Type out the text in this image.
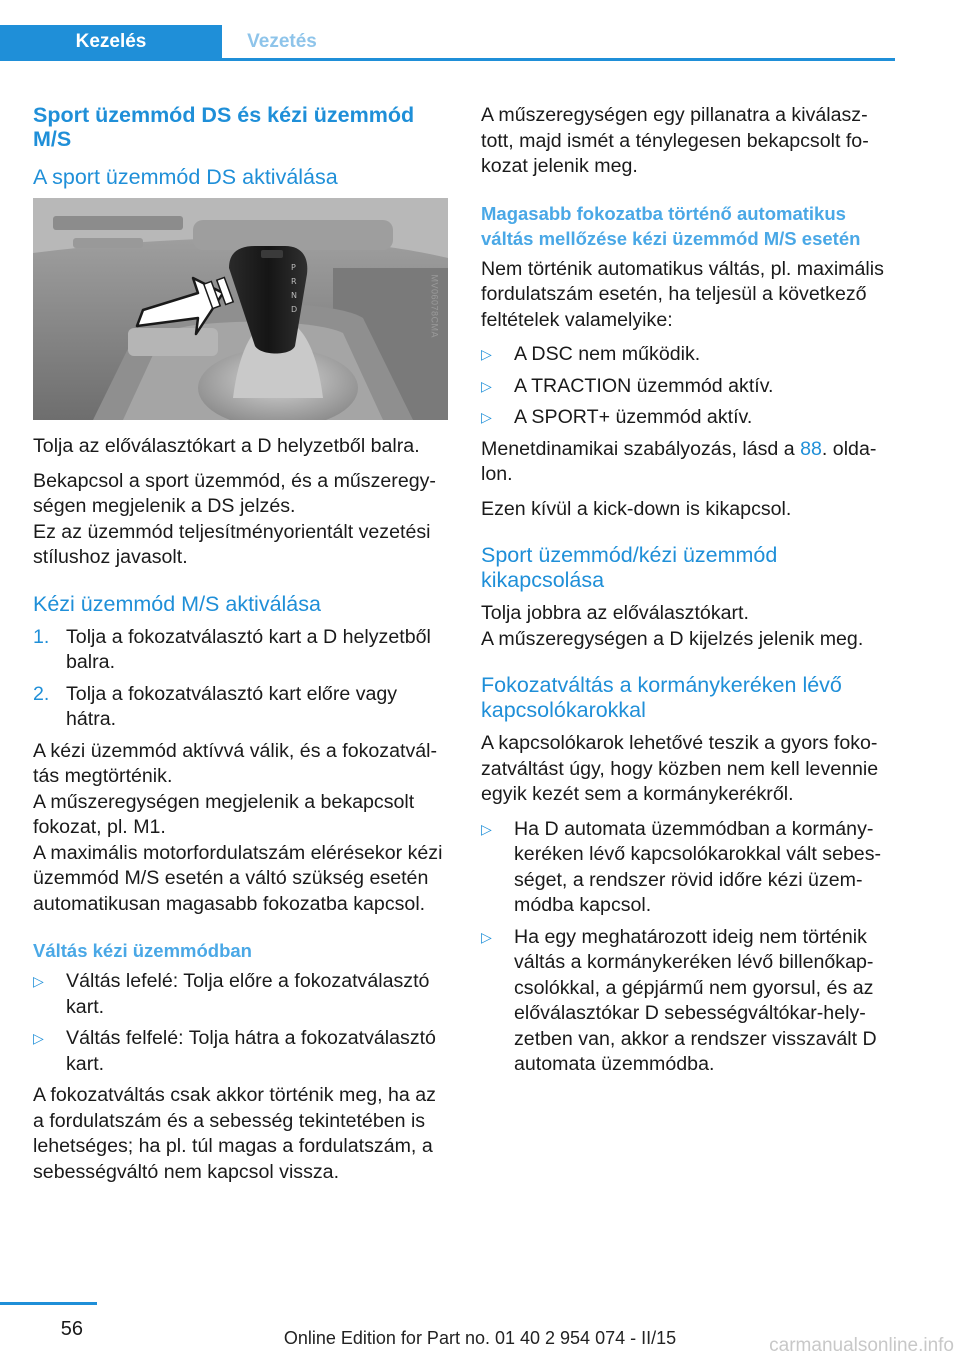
Kezelés	Vezetés
Sport üzemmód DS és kézi üzemmód M/S
A sport üzemmód DS aktiválása
P
R
N
D	MV06078CMA

Tolja az előválasztókart a D helyzetből balra.

Bekapcsol a sport üzemmód, és a műszeregységen megjelenik a DS jelzés.

Ez az üzemmód teljesítményorientált vezetési stílushoz javasolt.

Kézi üzemmód M/S aktiválása
1. Tolja a fokozatválasztó kart a D helyzetből balra.
2. Tolja a fokozatválasztó kart előre vagy hátra.

A kézi üzemmód aktívvá válik, és a fokozatváltás megtörténik.

A műszeregységen megjelenik a bekapcsolt fokozat, pl. M1.

A maximális motorfordulatszám elérésekor kézi üzemmód M/S esetén a váltó szükség esetén automatikusan magasabb fokozatba kapcsol.

Váltás kézi üzemmódban
▷ Váltás lefelé: Tolja előre a fokozatválasztó kart.
▷ Váltás felfelé: Tolja hátra a fokozatválasztó kart.

A fokozatváltás csak akkor történik meg, ha az a fordulatszám és a sebesség tekintetében is lehetséges; ha pl. túl magas a fordulatszám, a sebességváltó nem kapcsol vissza.

A műszeregységen egy pillanatra a kiválasztott, majd ismét a ténylegesen bekapcsolt fokozat jelenik meg.

Magasabb fokozatba történő automatikus váltás mellőzése kézi üzemmód M/S esetén

Nem történik automatikus váltás, pl. maximális fordulatszám esetén, ha teljesül a következő feltételek valamelyike:

▷ A DSC nem működik.
▷ A TRACTION üzemmód aktív.
▷ A SPORT+ üzemmód aktív.

Menetdinamikai szabályozás, lásd a 88. oldalon.

Ezen kívül a kick-down is kikapcsol.

Sport üzemmód/kézi üzemmód kikapcsolása

Tolja jobbra az előválasztókart.

A műszeregységen a D kijelzés jelenik meg.

Fokozatváltás a kormánykeréken lévő kapcsolókarokkal

A kapcsolókarok lehetővé teszik a gyors fokozatváltást úgy, hogy közben nem kell levennie egyik kezét sem a kormánykerékről.

▷ Ha D automata üzemmódban a kormánykeréken lévő kapcsolókarokkal vált sebességet, a rendszer rövid időre kézi üzemmódba kapcsol.
▷ Ha egy meghatározott ideig nem történik váltás a kormánykeréken lévő billenőkapcsolókkal, a gépjármű nem gyorsul, és az előválasztókar D sebességváltókar-helyzetben van, akkor a rendszer visszavált D automata üzemmódba.
56	Online Edition for Part no. 01 40 2 954 074 - II/15	carmanualsonline.info
